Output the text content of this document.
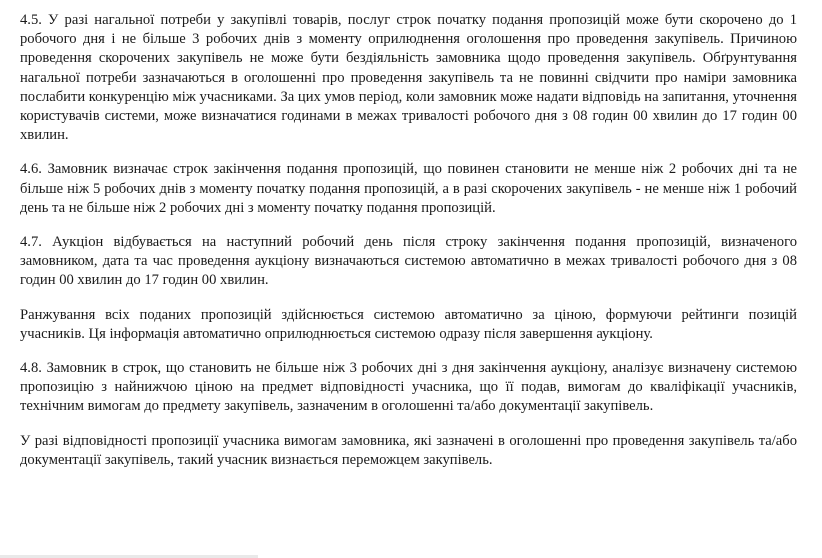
4.5. У разі нагальної потреби у закупівлі товарів, послуг строк початку подання пропозицій може бути скорочено до 1 робочого дня і не більше 3 робочих днів з моменту оприлюднення оголошення про проведення закупівель. Причиною проведення скорочених закупівель не може бути бездіяльність замовника щодо проведення закупівель. Обґрунтування нагальної потреби зазначаються в оголошенні про проведення закупівель та не повинні свідчити про наміри замовника послабити конкуренцію між учасниками. За цих умов період, коли замовник може надати відповідь на запитання, уточнення користувачів системи, може визначатися годинами в межах тривалості робочого дня з 08 годин 00 хвилин до 17 годин 00 хвилин.

4.6. Замовник визначає строк закінчення подання пропозицій, що повинен становити не менше ніж 2 робочих дні та не більше ніж 5 робочих днів з моменту початку подання пропозицій, а в разі скорочених закупівель - не менше ніж 1 робочий день та не більше ніж 2 робочих дні з моменту початку подання пропозицій.

4.7. Аукціон відбувається на наступний робочий день після строку закінчення подання пропозицій, визначеного замовником, дата та час проведення аукціону визначаються системою автоматично в межах тривалості робочого дня з 08 годин 00 хвилин до 17 годин 00 хвилин.

Ранжування всіх поданих пропозицій здійснюється системою автоматично за ціною, формуючи рейтинги позицій учасників. Ця інформація автоматично оприлюднюється системою одразу після завершення аукціону.

4.8. Замовник в строк, що становить не більше ніж 3 робочих дні з дня закінчення аукціону, аналізує визначену системою пропозицію з найнижчою ціною на предмет відповідності учасника, що її подав, вимогам до кваліфікації учасників, технічним вимогам до предмету закупівель, зазначеним в оголошенні та/або документації закупівель.

У разі відповідності пропозиції учасника вимогам замовника, які зазначені в оголошенні про проведення закупівель та/або документації закупівель, такий учасник визнається переможцем закупівель.
